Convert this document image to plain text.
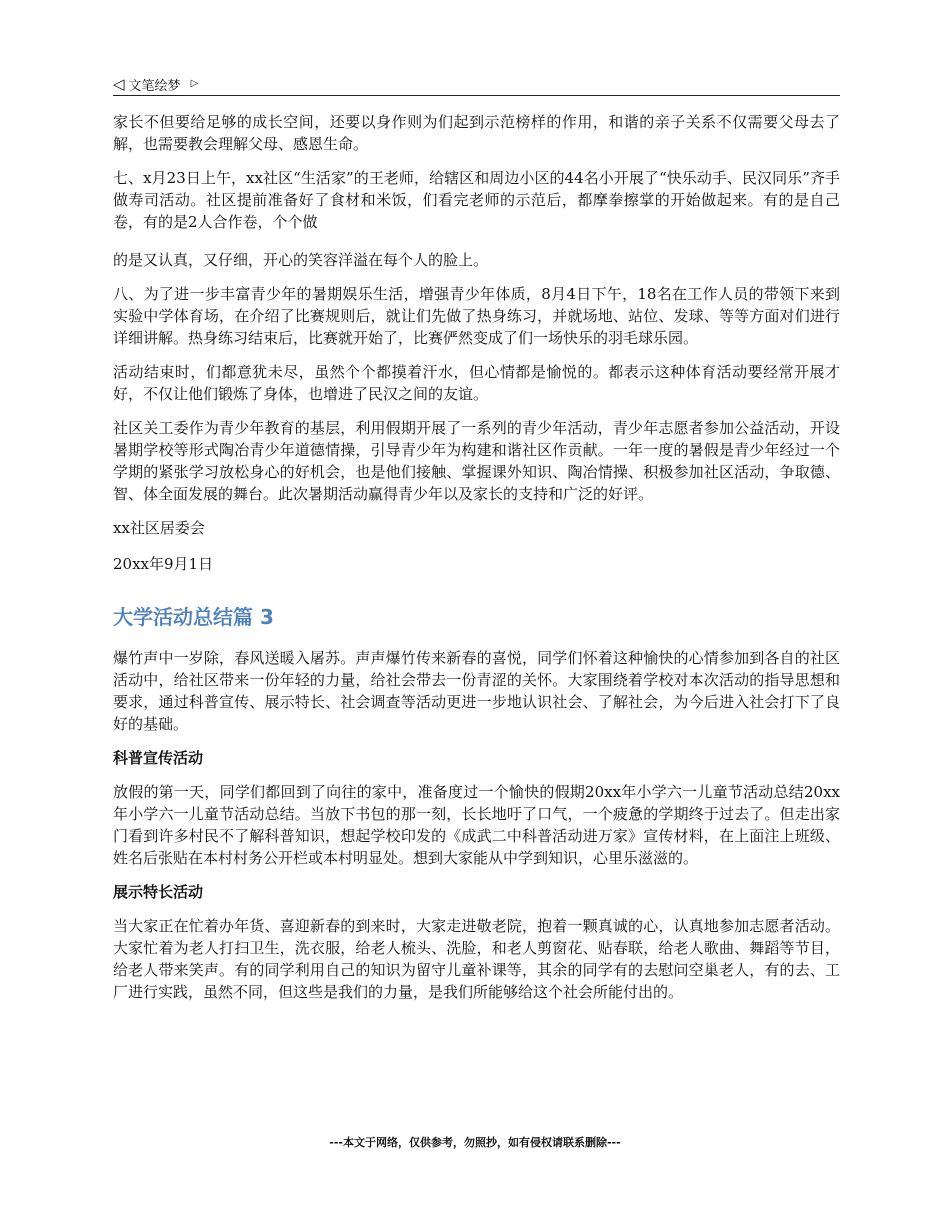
◁ 文笔绘梦 ▷

家长不但要给足够的成长空间，还要以身作则为们起到示范榜样的作用，和谐的亲子关系不仅需要父母去了解，也需要教会理解父母、感恩生命。

七、x月23日上午，xx社区“生活家”的王老师，给辖区和周边小区的44名小开展了“快乐动手、民汉同乐”齐手做寿司活动。社区提前准备好了食材和米饭，们看完老师的示范后，都摩拳擦掌的开始做起来。有的是自己卷，有的是2人合作卷，个个做

的是又认真，又仔细，开心的笑容洋溢在每个人的脸上。

八、为了进一步丰富青少年的暑期娱乐生活，增强青少年体质，8月4日下午，18名在工作人员的带领下来到实验中学体育场，在介绍了比赛规则后，就让们先做了热身练习，并就场地、站位、发球、等等方面对们进行详细讲解。热身练习结束后，比赛就开始了，比赛俨然变成了们一场快乐的羽毛球乐园。

活动结束时，们都意犹未尽，虽然个个都摸着汗水，但心情都是愉悦的。都表示这种体育活动要经常开展才好，不仅让他们锻炼了身体，也增进了民汉之间的友谊。

社区关工委作为青少年教育的基层，利用假期开展了一系列的青少年活动，青少年志愿者参加公益活动，开设暑期学校等形式陶冶青少年道德情操，引导青少年为构建和谐社区作贡献。一年一度的暑假是青少年经过一个学期的紧张学习放松身心的好机会，也是他们接触、掌握课外知识、陶冶情操、积极参加社区活动，争取德、智、体全面发展的舞台。此次暑期活动赢得青少年以及家长的支持和广泛的好评。

xx社区居委会

20xx年9月1日

大学活动总结篇 3

爆竹声中一岁除，春风送暖入屠苏。声声爆竹传来新春的喜悦，同学们怀着这种愉快的心情参加到各自的社区活动中，给社区带来一份年轻的力量，给社会带去一份青涩的关怀。大家围绕着学校对本次活动的指导思想和要求，通过科普宣传、展示特长、社会调查等活动更进一步地认识社会、了解社会，为今后进入社会打下了良好的基础。

科普宣传活动

放假的第一天，同学们都回到了向往的家中，准备度过一个愉快的假期20xx年小学六一儿童节活动总结20xx年小学六一儿童节活动总结。当放下书包的那一刻，长长地吁了口气，一个疲惫的学期终于过去了。但走出家门看到许多村民不了解科普知识，想起学校印发的《成武二中科普活动进万家》宣传材料，在上面注上班级、姓名后张贴在本村村务公开栏或本村明显处。想到大家能从中学到知识，心里乐滋滋的。

展示特长活动

当大家正在忙着办年货、喜迎新春的到来时，大家走进敬老院，抱着一颗真诚的心，认真地参加志愿者活动。大家忙着为老人打扫卫生，洗衣服，给老人梳头、洗脸，和老人剪窗花、贴春联，给老人歌曲、舞蹈等节目，给老人带来笑声。有的同学利用自己的知识为留守儿童补课等，其余的同学有的去慰问空巢老人，有的去、工厂进行实践，虽然不同，但这些是我们的力量，是我们所能够给这个社会所能付出的。

---本文于网络，仅供参考，勿照抄，如有侵权请联系删除---
